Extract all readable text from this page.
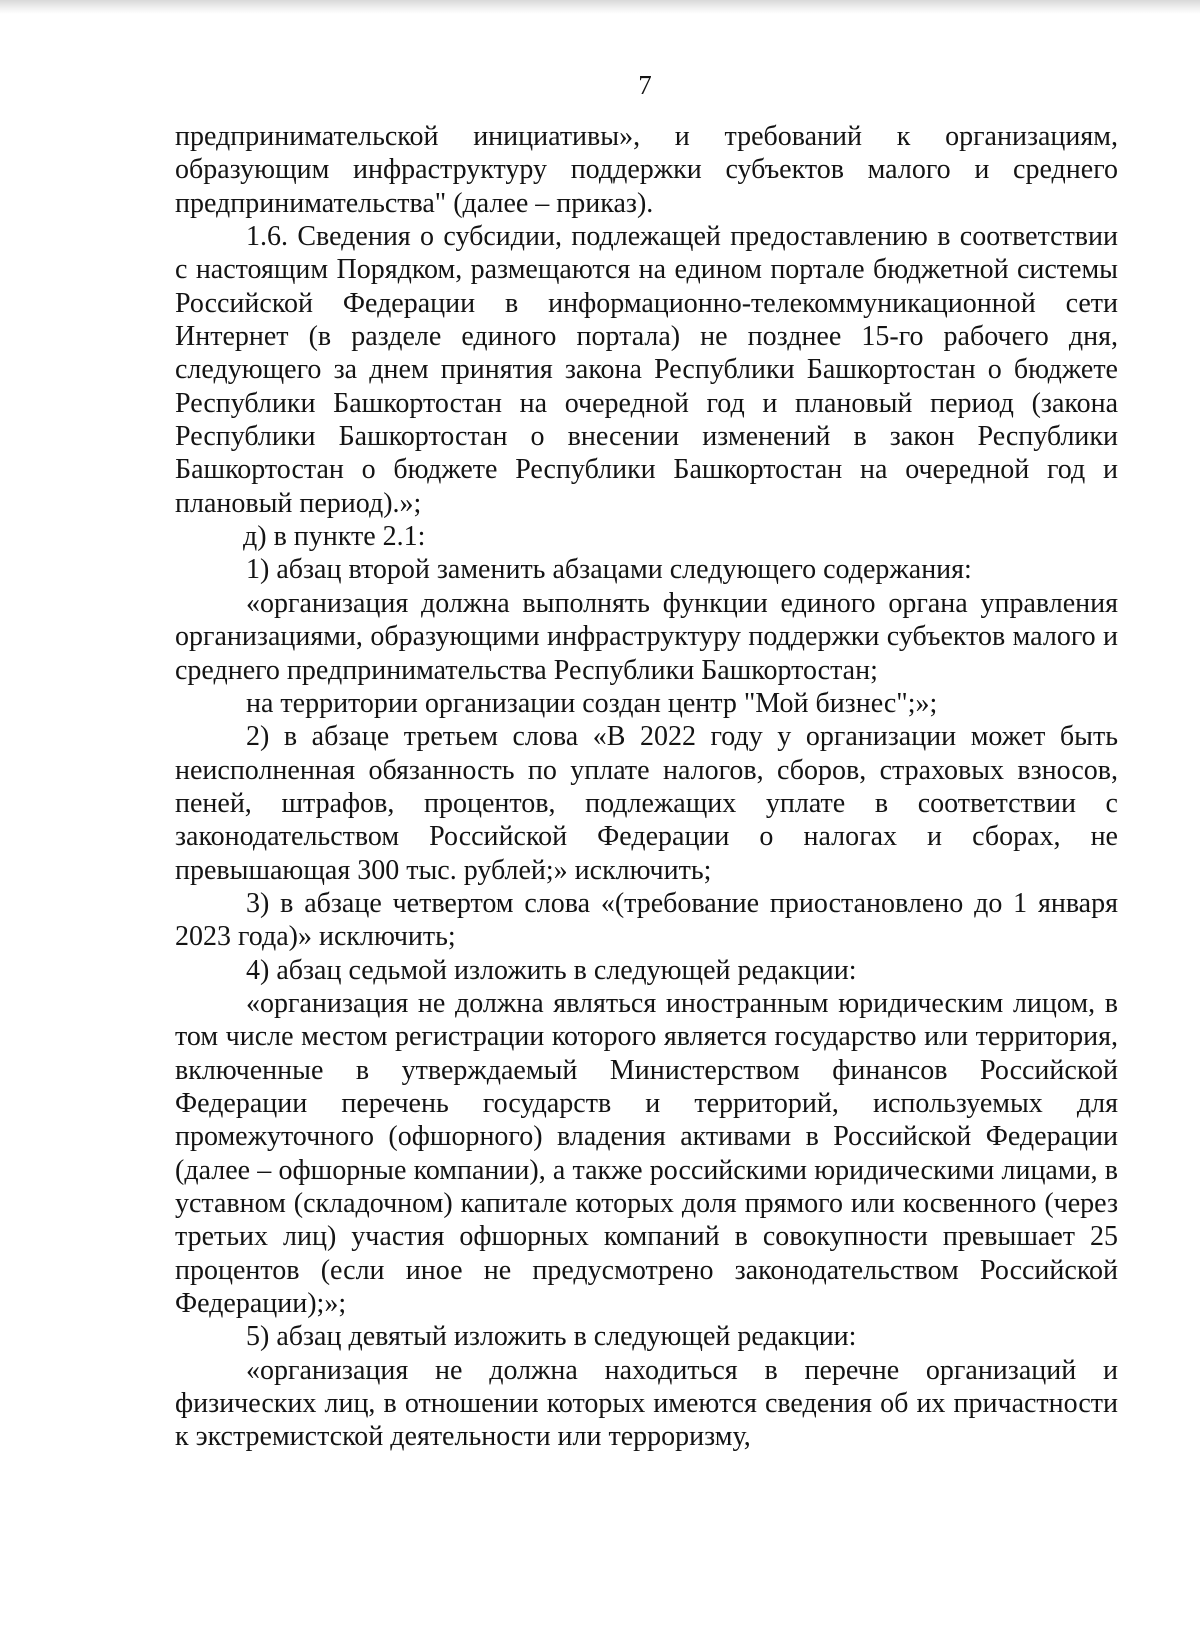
7

предпринимательской инициативы», и требований к организациям, образующим инфраструктуру поддержки субъектов малого и среднего предпринимательства" (далее – приказ).

1.6. Сведения о субсидии, подлежащей предоставлению в соответствии с настоящим Порядком, размещаются на едином портале бюджетной системы Российской Федерации в информационно-телекоммуникационной сети Интернет (в разделе единого портала) не позднее 15-го рабочего дня, следующего за днем принятия закона Республики Башкортостан о бюджете Республики Башкортостан на очередной год и плановый период (закона Республики Башкортостан о внесении изменений в закон Республики Башкортостан о бюджете Республики Башкортостан на очередной год и плановый период).»;

д) в пункте 2.1:

1) абзац второй заменить абзацами следующего содержания:

«организация должна выполнять функции единого органа управления организациями, образующими инфраструктуру поддержки субъектов малого и среднего предпринимательства Республики Башкортостан;

на территории организации создан центр "Мой бизнес";»;

2) в абзаце третьем слова «В 2022 году у организации может быть неисполненная обязанность по уплате налогов, сборов, страховых взносов, пеней, штрафов, процентов, подлежащих уплате в соответствии с законодательством Российской Федерации о налогах и сборах, не превышающая 300 тыс. рублей;» исключить;

3) в абзаце четвертом слова «(требование приостановлено до 1 января 2023 года)» исключить;

4) абзац седьмой изложить в следующей редакции:

«организация не должна являться иностранным юридическим лицом, в том числе местом регистрации которого является государство или территория, включенные в утверждаемый Министерством финансов Российской Федерации перечень государств и территорий, используемых для промежуточного (офшорного) владения активами в Российской Федерации (далее – офшорные компании), а также российскими юридическими лицами, в уставном (складочном) капитале которых доля прямого или косвенного (через третьих лиц) участия офшорных компаний в совокупности превышает 25 процентов (если иное не предусмотрено законодательством Российской Федерации);»;

5) абзац девятый изложить в следующей редакции:

«организация не должна находиться в перечне организаций и физических лиц, в отношении которых имеются сведения об их причастности к экстремистской деятельности или терроризму,
